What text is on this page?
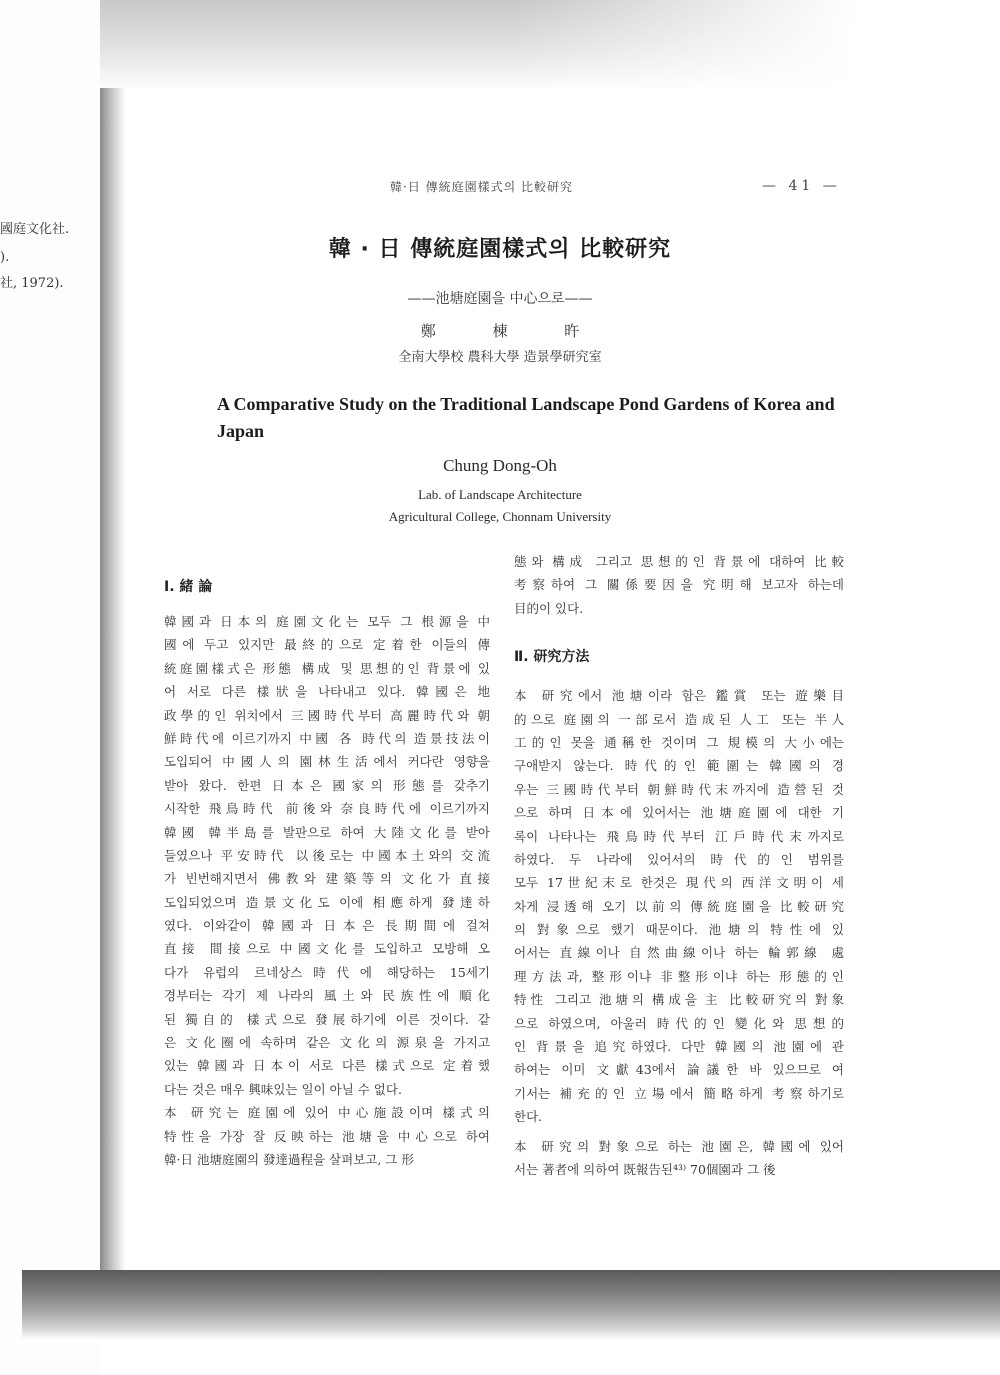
國庭文化社.
).
社, 1972).
韓·日 傳統庭園樣式의 比較研究	— 41 —
韓 · 日 傳統庭園樣式의 比較研究
——池塘庭園을 中心으로——
鄭 棟 旿
全南大學校 農科大學 造景學研究室
A Comparative Study on the Traditional Landscape Pond Gardens of Korea and Japan
Chung Dong-Oh
Lab. of Landscape Architecture
Agricultural College, Chonnam University
Ⅰ. 緒 論
韓國과 日本의 庭園文化는 모두 그 根源을 中
國에 두고 있지만 最終的으로 定着한 이들의 傳
統庭園樣式은 形態 構成 및 思想的인 背景에 있
어 서로 다른 樣狀을 나타내고 있다. 韓國은 地
政學的인 위치에서 三國時代부터 高麗時代와 朝
鮮時代에 이르기까지 中國 各 時代의 造景技法이
도입되어 中國人의 園林生活에서 커다란 영향을
받아 왔다. 한편 日本은 國家의 形態를 갖추기
시작한 飛鳥時代 前後와 奈良時代에 이르기까지
韓國 韓半島를 발판으로 하여 大陸文化를 받아
들였으나 平安時代 以後로는 中國本土와의 交流
가 빈번해지면서 佛教와 建築等의 文化가 直接
도입되었으며 造景文化도 이에 相應하게 發達하
였다. 이와같이 韓國과 日本은 長期間에 걸쳐
直接 間接으로 中國文化를 도입하고 모방해 오
다가 유럽의 르네상스時代에 해당하는 15세기
경부터는 각기 제 나라의 風土와 民族性에 順化
된 獨自的 樣式으로 發展하기에 이른 것이다. 같
은 文化圈에 속하며 같은 文化의 源泉을 가지고
있는 韓國과 日本이 서로 다른 樣式으로 定着했
다는 것은 매우 興味있는 일이 아닐 수 없다.
本 研究는 庭園에 있어 中心施設이며 樣式의
特性을 가장 잘 反映하는 池塘을 中心으로 하여
韓·日 池塘庭園의 發達過程을 살펴보고, 그 形
態와 構成 그리고 思想的인 背景에 대하여 比較
考察하여 그 關係要因을 究明해 보고자 하는데
目的이 있다.
Ⅱ. 研究方法
本 研究에서 池塘이라 함은 鑑賞 또는 遊樂目
的으로 庭園의 一部로서 造成된 人工 또는 半人
工的인 못을 通稱한 것이며 그 規模의 大小에는
구애받지 않는다. 時代的인 範圍는 韓國의 경
우는 三國時代부터 朝鮮時代末까지에 造營된 것
으로 하며 日本에 있어서는 池塘庭園에 대한 기
록이 나타나는 飛鳥時代부터 江戶時代末까지로
하였다. 두 나라에 있어서의 時代的인 범위를
모두 17世紀末로 한것은 現代의 西洋文明이 세
차게 浸透해 오기 以前의 傳統庭園을 比較研究
의 對象으로 했기 때문이다. 池塘의 特性에 있
어서는 直線이나 自然曲線이나 하는 輪郭線 處
理方法과, 整形이냐 非整形이냐 하는 形態的인
特性 그리고 池塘의 構成을 主 比較研究의 對象
으로 하였으며, 아울러 時代的인 變化와 思想的
인 背景을 追究하였다. 다만 韓國의 池園에 관
하여는 이미 文獻43에서 論議한 바 있으므로 여
기서는 補充的인 立場에서 簡略하게 考察하기로
한다.
本 研究의 對象으로 하는 池園은, 韓國에 있어
서는 著者에 의하여 既報告된⁴³⁾ 70個園과 그 後
